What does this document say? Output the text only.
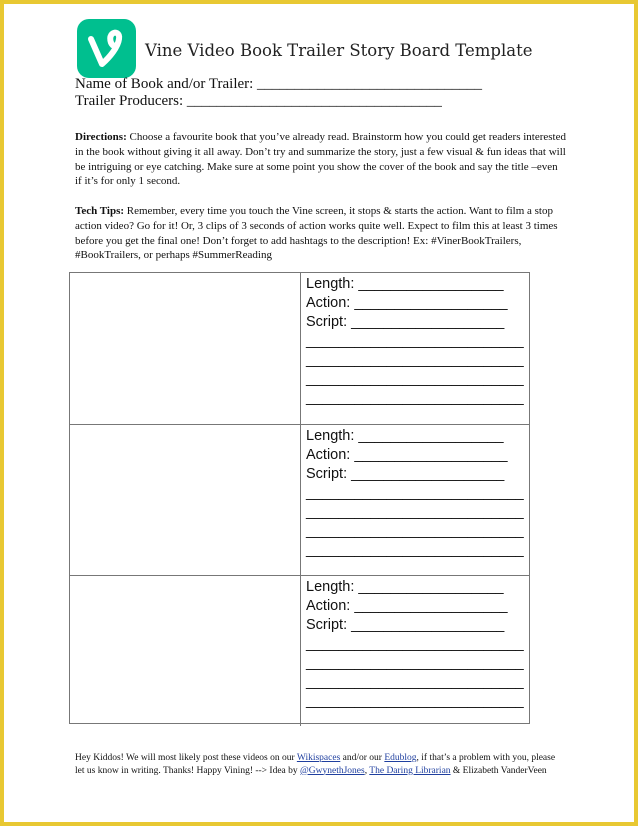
Vine Video Book Trailer Story Board Template
Name of Book and/or Trailer: ______________________________
Trailer Producers: __________________________________
Directions: Choose a favourite book that you’ve already read. Brainstorm how you could get readers interested in the book without giving it all away. Don’t try and summarize the story, just a few visual & fun ideas that will be intriguing or eye catching. Make sure at some point you show the cover of the book and say the title –even if it’s for only 1 second.
Tech Tips: Remember, every time you touch the Vine screen, it stops & starts the action. Want to film a stop action video? Go for it! Or, 3 clips of 3 seconds of action works quite well. Expect to film this at least 3 times before you get the final one! Don’t forget to add hashtags to the description! Ex: #VinerBookTrailers, #BookTrailers, or perhaps #SummerReading
Length: __________________
Action: ___________________
Script: ___________________
___________________________
___________________________
___________________________
___________________________
Length: __________________
Action: ___________________
Script: ___________________
___________________________
___________________________
___________________________
___________________________
Length: __________________
Action: ___________________
Script: ___________________
___________________________
___________________________
___________________________
___________________________
Hey Kiddos! We will most likely post these videos on our Wikispaces and/or our Edublog, if that’s a problem with you, please let us know in writing. Thanks! Happy Vining! --> Idea by @GwynethJones, The Daring Librarian & Elizabeth VanderVeen
